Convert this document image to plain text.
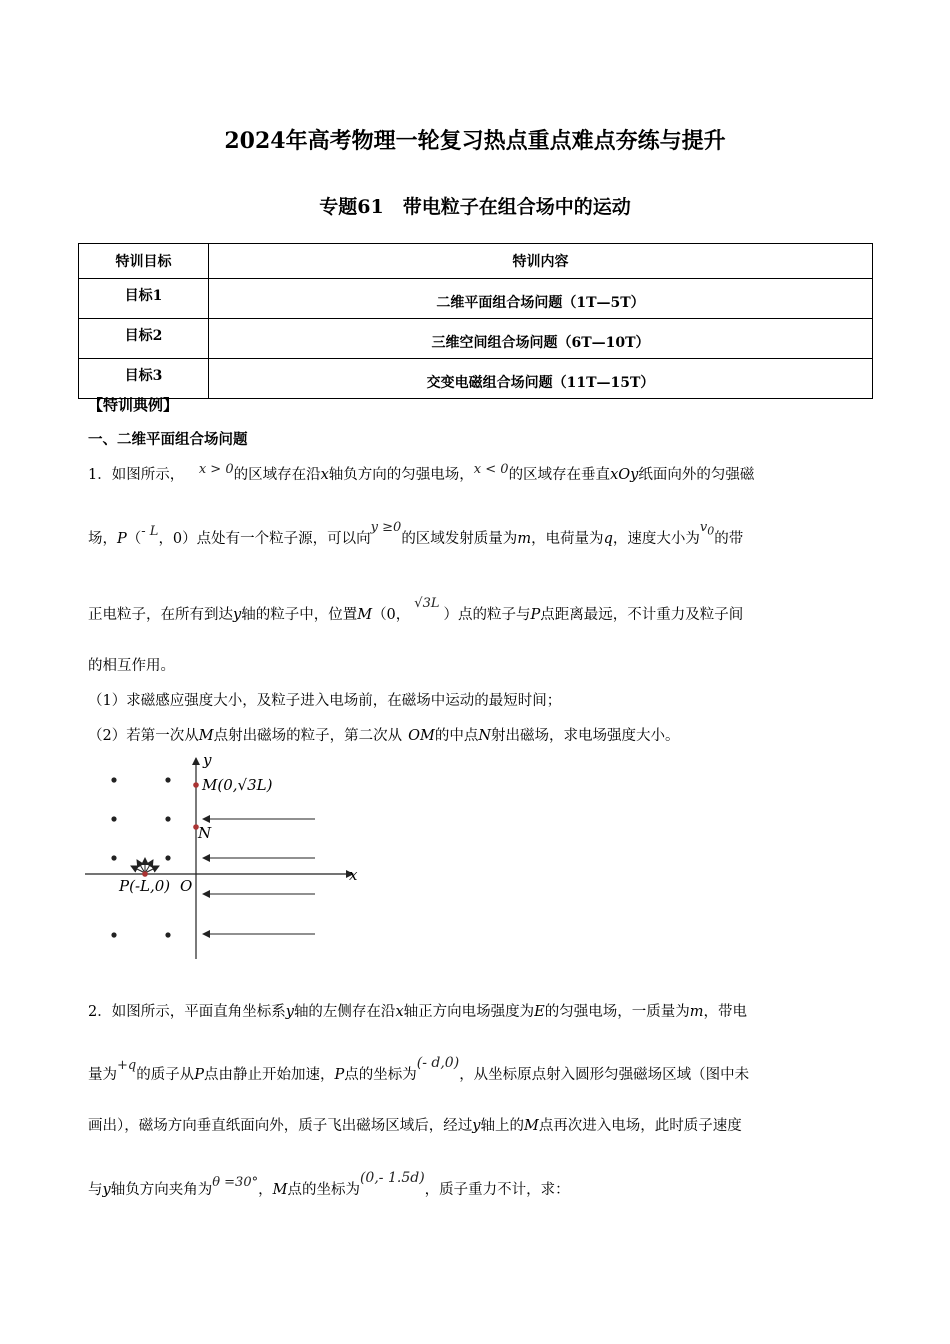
2024年高考物理一轮复习热点重点难点夯练与提升
专题61　带电粒子在组合场中的运动
特训目标	特训内容
目标1	二维平面组合场问题（1T—5T）
目标2	三维空间组合场问题（6T—10T）
目标3	交变电磁组合场问题（11T—15T）
【特训典例】
一、二维平面组合场问题
1．如图所示， x > 0的区域存在沿x轴负方向的匀强电场，x < 0的区域存在垂直xOy纸面向外的匀强磁
场，P（- L，0）点处有一个粒子源，可以向y ≥0的区域发射质量为m，电荷量为q，速度大小为$v_0$的带
正电粒子，在所有到达y轴的粒子中，位置M（0，√3L）点的粒子与P点距离最远，不计重力及粒子间
的相互作用。
（1）求磁感应强度大小，及粒子进入电场前，在磁场中运动的最短时间；
（2）若第一次从M点射出磁场的粒子，第二次从 OM的中点N射出磁场，求电场强度大小。
y
x
M(0,√3L)
N
P(-L,0) O
2．如图所示，平面直角坐标系y轴的左侧存在沿x轴正方向电场强度为E的匀强电场，一质量为m，带电
量为+q的质子从P点由静止开始加速，P点的坐标为(- d,0)，从坐标原点射入圆形匀强磁场区域（图中未
画出），磁场方向垂直纸面向外，质子飞出磁场区域后，经过y轴上的M点再次进入电场，此时质子速度
与y轴负方向夹角为θ =30°，M点的坐标为(0,- 1.5d)，质子重力不计，求：
